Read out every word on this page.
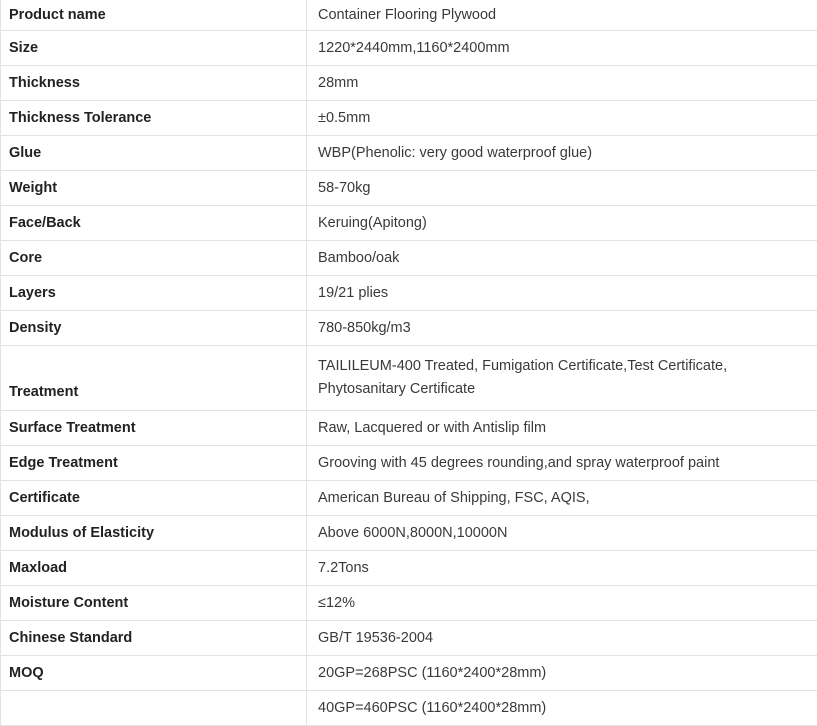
Product name	Container Flooring Plywood
Size	1220*2440mm,1160*2400mm
Thickness	28mm
Thickness Tolerance	±0.5mm
Glue	WBP(Phenolic: very good waterproof glue)
Weight	58-70kg
Face/Back	Keruing(Apitong)
Core	Bamboo/oak
Layers	19/21 plies
Density	780-850kg/m3
Treatment	TAILILEUM-400 Treated, Fumigation Certificate,Test Certificate, Phytosanitary Certificate
Surface Treatment	Raw, Lacquered or with Antislip film
Edge Treatment	Grooving with 45 degrees rounding,and spray waterproof paint
Certificate	American Bureau of Shipping, FSC, AQIS,
Modulus of Elasticity	Above 6000N,8000N,10000N
Maxload	7.2Tons
Moisture Content	≤12%
Chinese Standard	GB/T 19536-2004
MOQ	20GP=268PSC (1160*2400*28mm)
	40GP=460PSC (1160*2400*28mm)
